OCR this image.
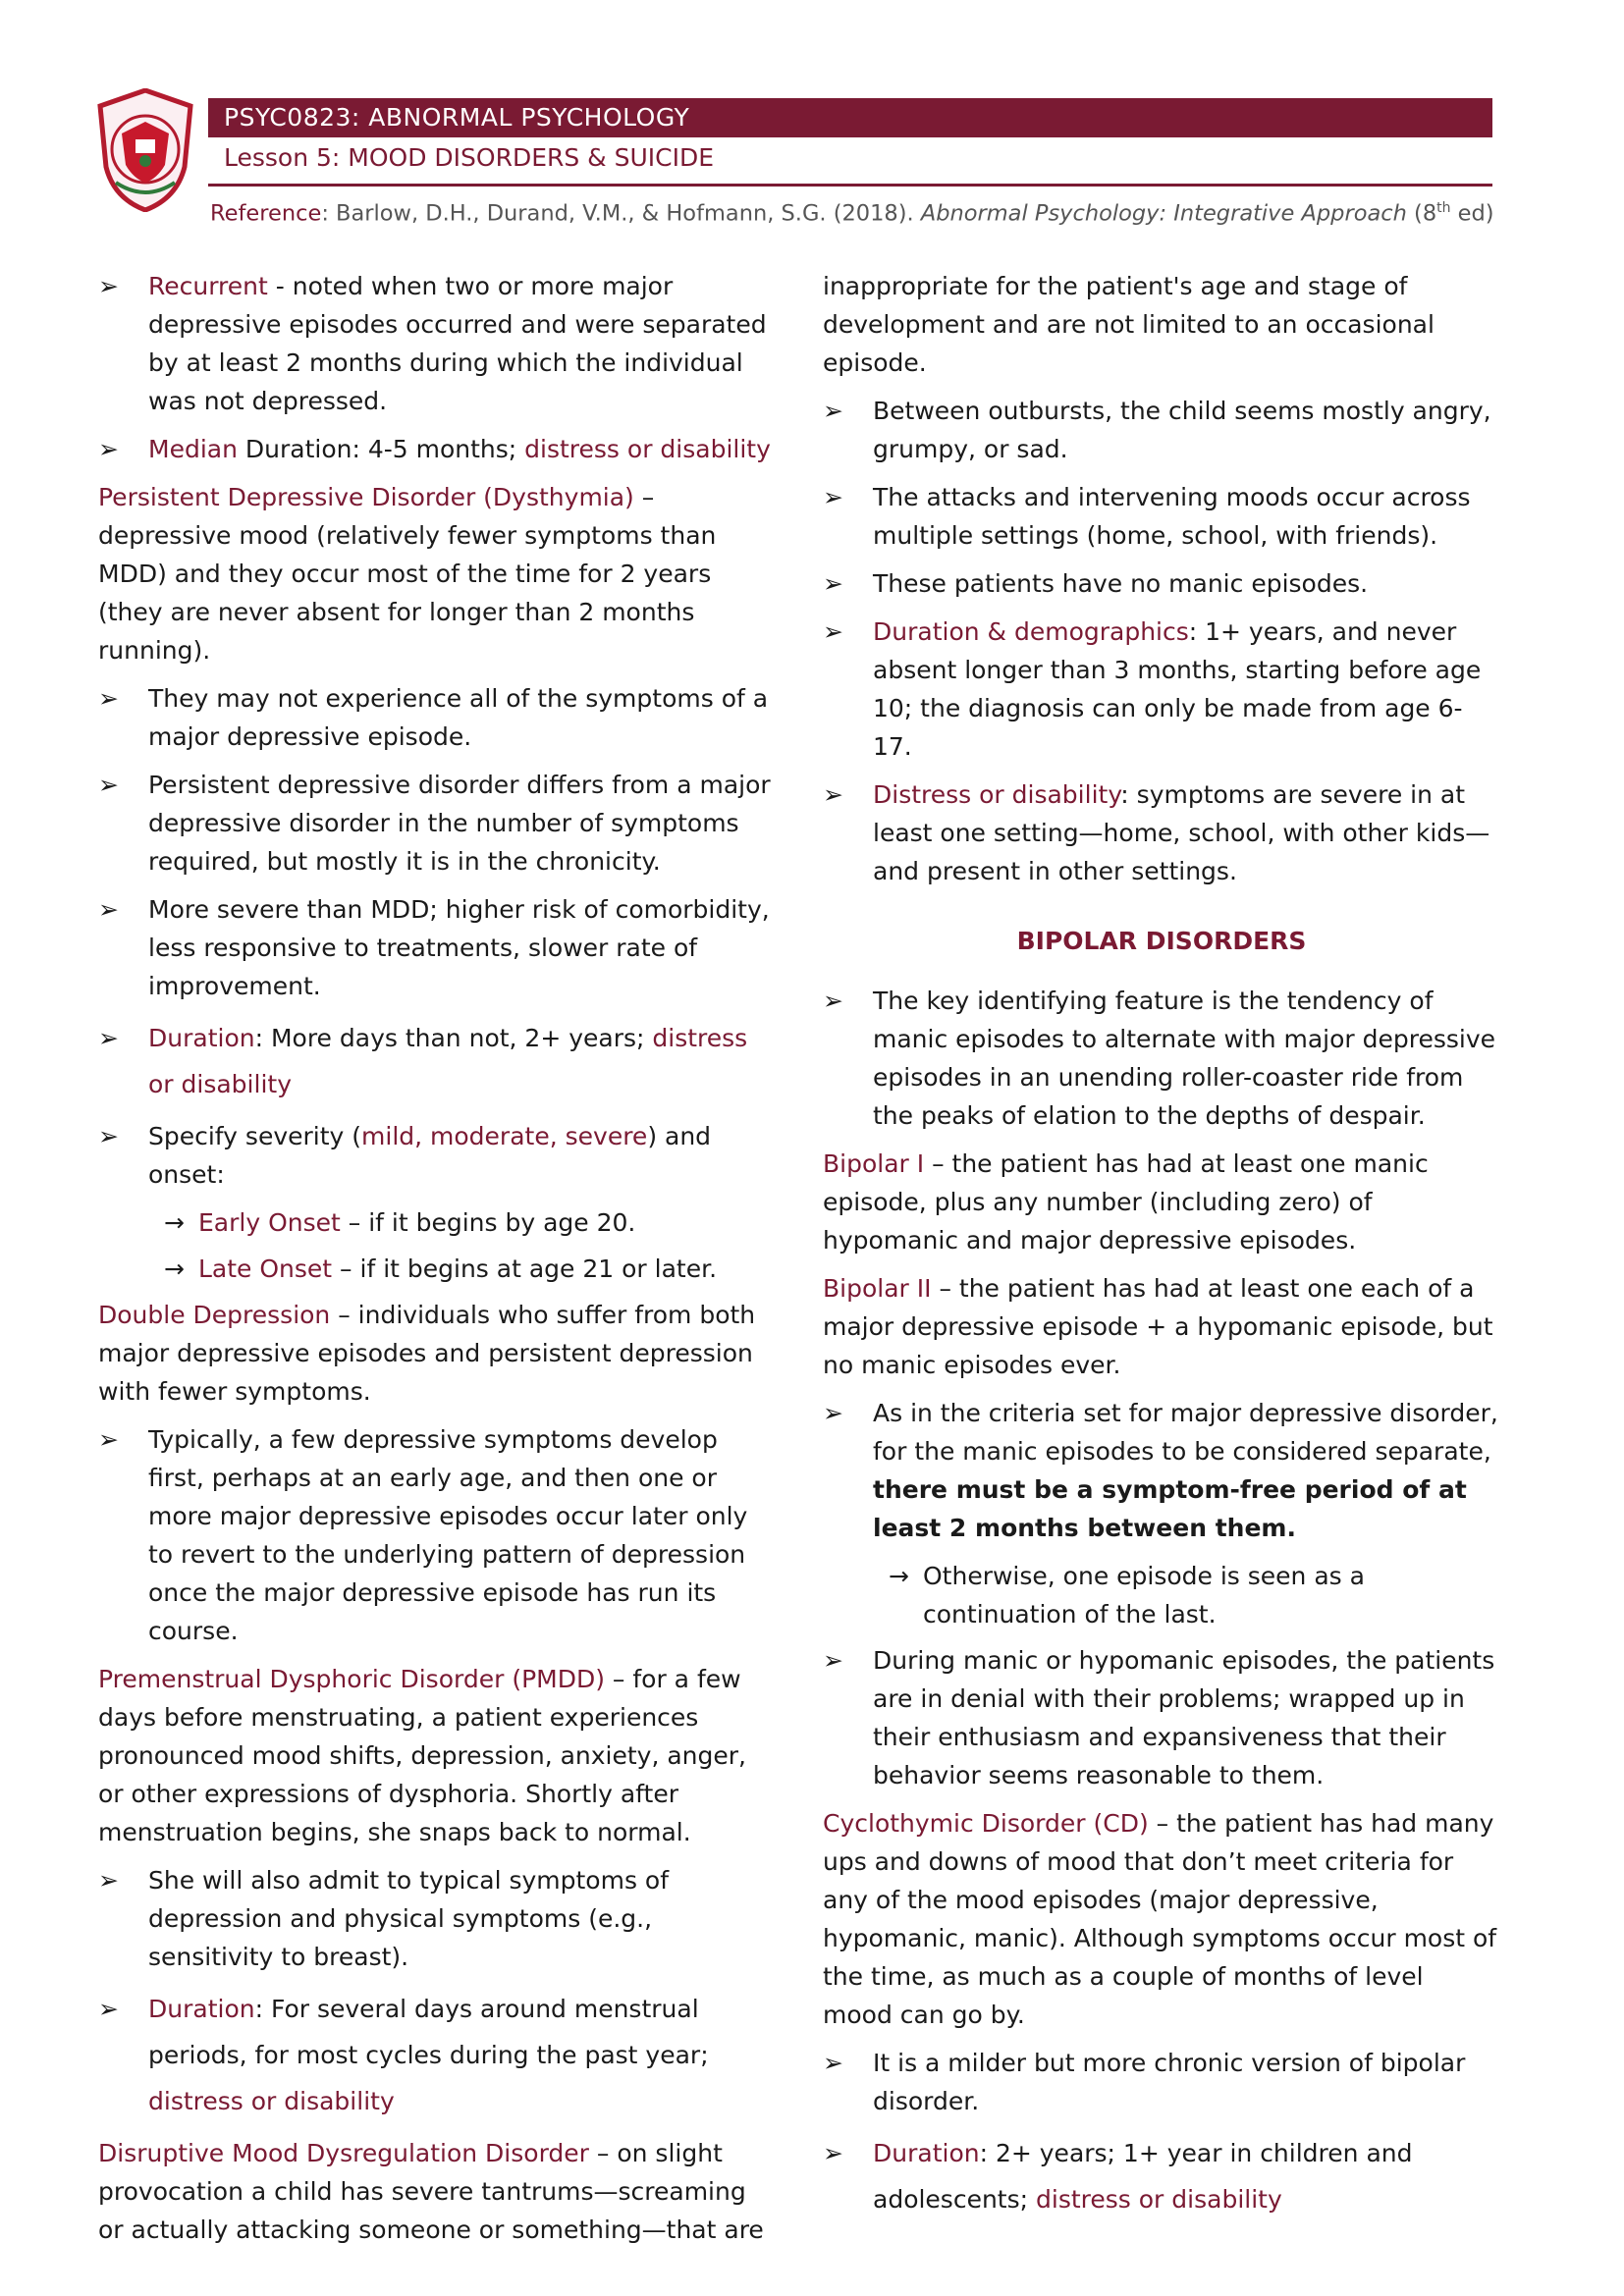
PSYC0823: ABNORMAL PSYCHOLOGY
Lesson 5: MOOD DISORDERS & SUICIDE
Reference: Barlow, D.H., Durand, V.M., & Hofmann, S.G. (2018). Abnormal Psychology: Integrative Approach (8th ed)
➢ Recurrent - noted when two or more major depressive episodes occurred and were separated by at least 2 months during which the individual was not depressed.
➢ Median Duration: 4-5 months; distress or disability

Persistent Depressive Disorder (Dysthymia) – depressive mood (relatively fewer symptoms than MDD) and they occur most of the time for 2 years (they are never absent for longer than 2 months running).

➢ They may not experience all of the symptoms of a major depressive episode.
➢ Persistent depressive disorder differs from a major depressive disorder in the number of symptoms required, but mostly it is in the chronicity.
➢ More severe than MDD; higher risk of comorbidity, less responsive to treatments, slower rate of improvement.
➢ Duration: More days than not, 2+ years; distress or disability
➢ Specify severity (mild, moderate, severe) and onset:
→ Early Onset – if it begins by age 20.
→ Late Onset – if it begins at age 21 or later.

Double Depression – individuals who suffer from both major depressive episodes and persistent depression with fewer symptoms.

➢ Typically, a few depressive symptoms develop first, perhaps at an early age, and then one or more major depressive episodes occur later only to revert to the underlying pattern of depression once the major depressive episode has run its course.

Premenstrual Dysphoric Disorder (PMDD) – for a few days before menstruating, a patient experiences pronounced mood shifts, depression, anxiety, anger, or other expressions of dysphoria. Shortly after menstruation begins, she snaps back to normal.

➢ She will also admit to typical symptoms of depression and physical symptoms (e.g., sensitivity to breast).
➢ Duration: For several days around menstrual periods, for most cycles during the past year; distress or disability

Disruptive Mood Dysregulation Disorder – on slight provocation a child has severe tantrums—screaming or actually attacking someone or something—that are

inappropriate for the patient's age and stage of development and are not limited to an occasional episode.

➢ Between outbursts, the child seems mostly angry, grumpy, or sad.
➢ The attacks and intervening moods occur across multiple settings (home, school, with friends).
➢ These patients have no manic episodes.
➢ Duration & demographics: 1+ years, and never absent longer than 3 months, starting before age 10; the diagnosis can only be made from age 6-17.
➢ Distress or disability: symptoms are severe in at least one setting—home, school, with other kids—and present in other settings.
BIPOLAR DISORDERS
➢ The key identifying feature is the tendency of manic episodes to alternate with major depressive episodes in an unending roller-coaster ride from the peaks of elation to the depths of despair.

Bipolar I – the patient has had at least one manic episode, plus any number (including zero) of hypomanic and major depressive episodes.

Bipolar II – the patient has had at least one each of a major depressive episode + a hypomanic episode, but no manic episodes ever.

➢ As in the criteria set for major depressive disorder, for the manic episodes to be considered separate, there must be a symptom-free period of at least 2 months between them.
→ Otherwise, one episode is seen as a continuation of the last.
➢ During manic or hypomanic episodes, the patients are in denial with their problems; wrapped up in their enthusiasm and expansiveness that their behavior seems reasonable to them.

Cyclothymic Disorder (CD) – the patient has had many ups and downs of mood that don’t meet criteria for any of the mood episodes (major depressive, hypomanic, manic). Although symptoms occur most of the time, as much as a couple of months of level mood can go by.

➢ It is a milder but more chronic version of bipolar disorder.
➢ Duration: 2+ years; 1+ year in children and adolescents; distress or disability
